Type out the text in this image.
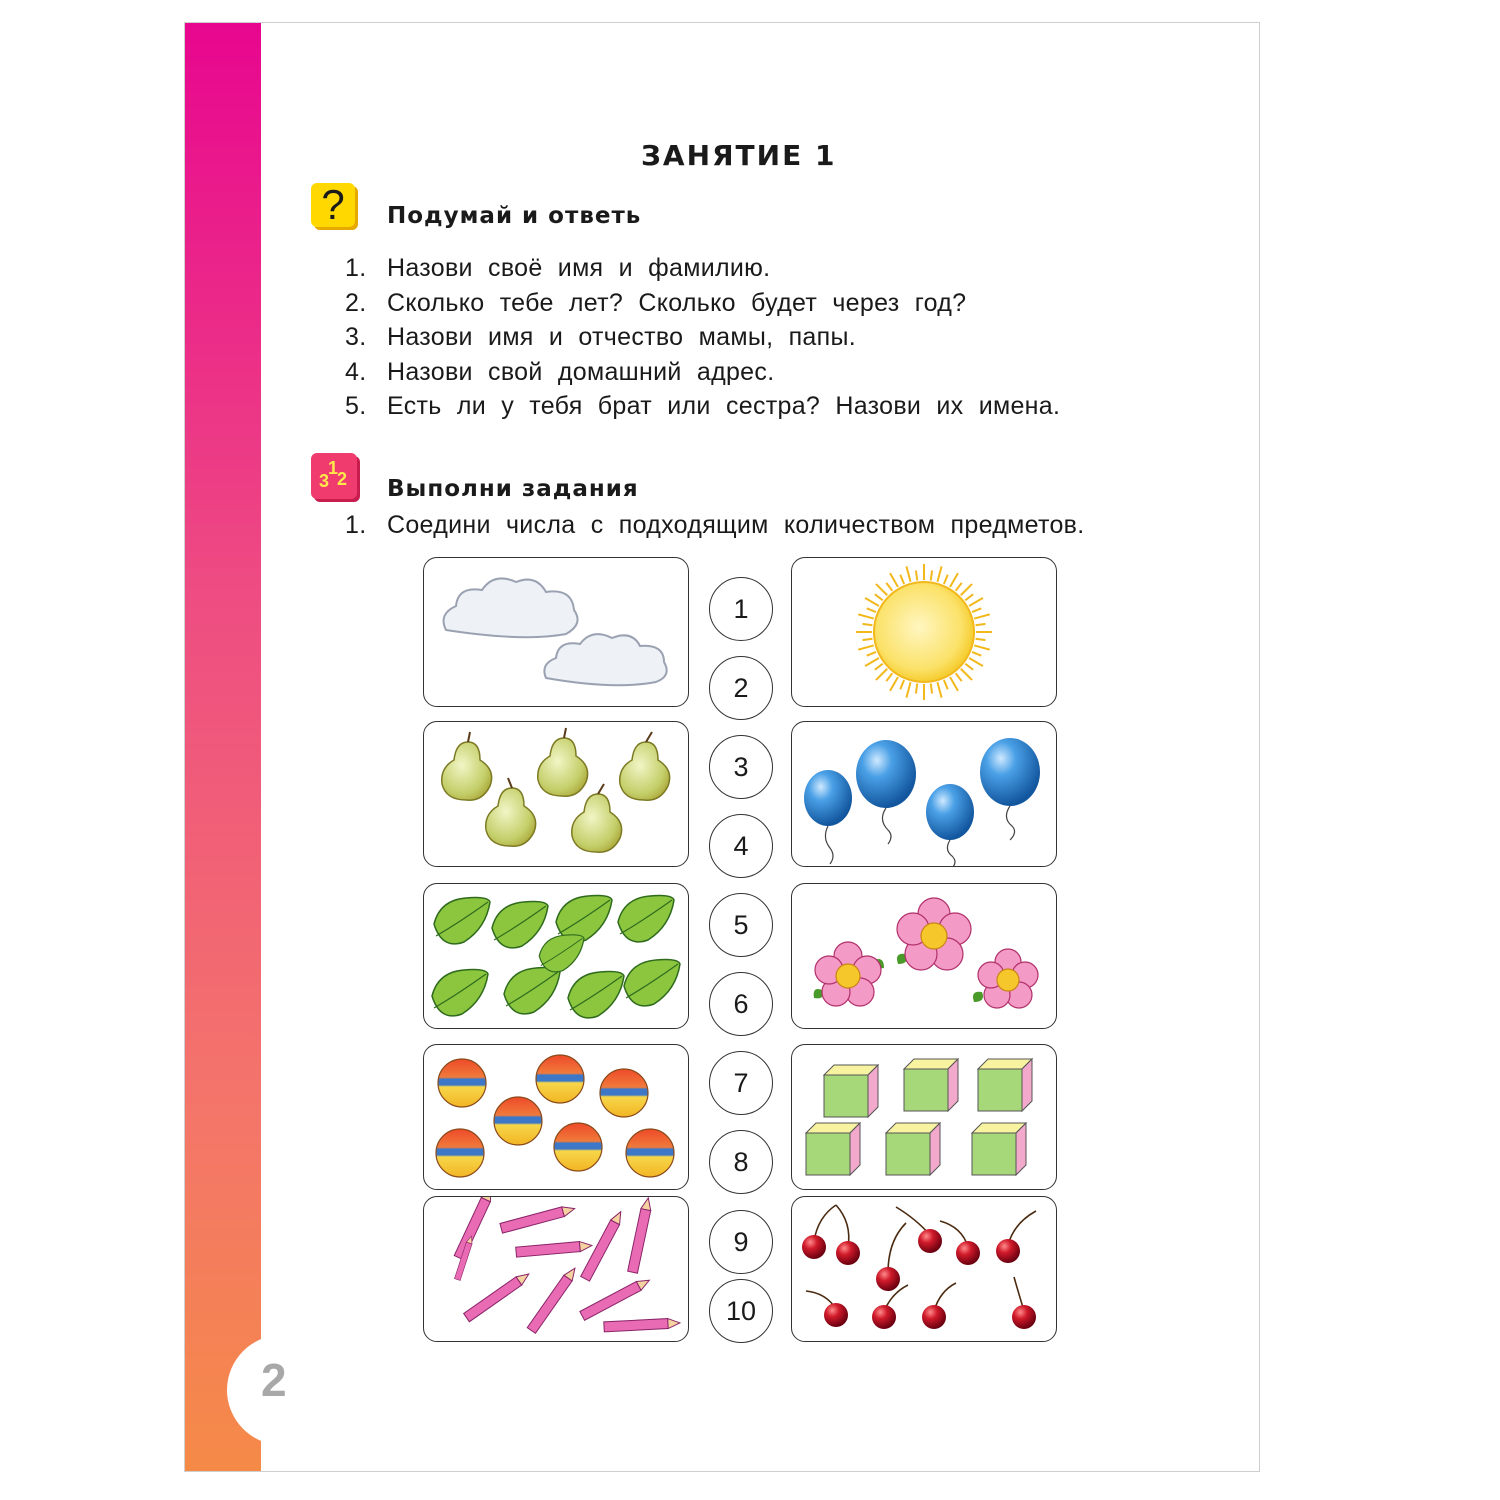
2
ЗАНЯТИЕ 1
?	Подумай и ответь
1. Назови своё имя и фамилию.
2. Сколько тебе лет? Сколько будет через год?
3. Назови имя и отчество мамы, папы.
4. Назови свой домашний адрес.
5. Есть ли у тебя брат или сестра? Назови их имена.
3
1
2 Выполни задания
1. Соедини числа с подходящим количеством предметов.
1
2
3
4
5
6
7
8
9
10
